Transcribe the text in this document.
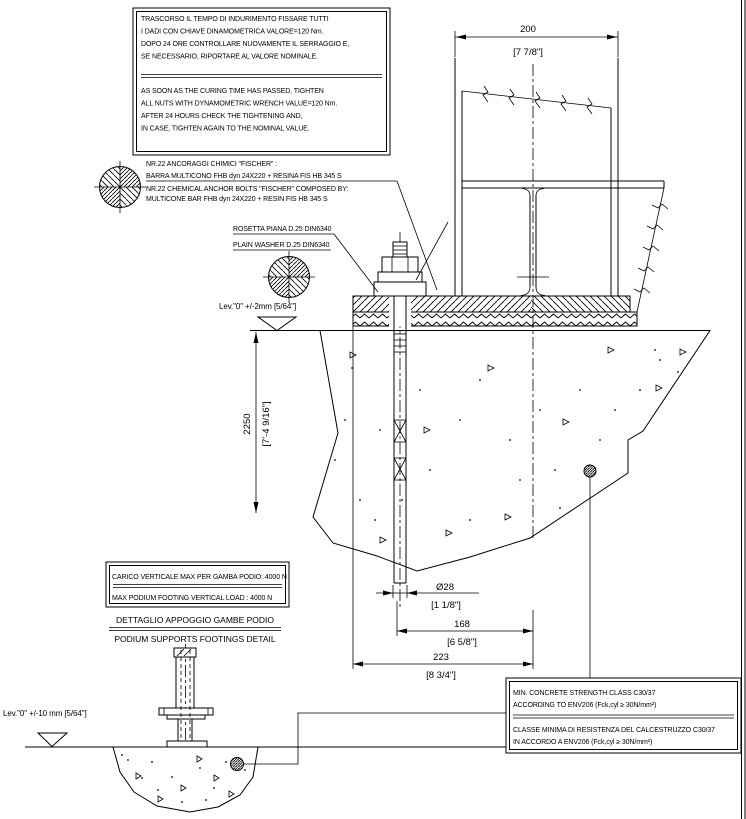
Lev."0" +/-2mm [5/64"]
200
[7 7/8"]
2250 [7'-4 9/16"]
Ø28
[1 1/8"]
168
[6 5/8"]
223
[8 3/4"]
TRASCORSO IL TEMPO DI INDURIMENTO FISSARE TUTTI
I DADI CON CHIAVE DINAMOMETRICA VALORE=120 Nm.
DOPO 24 ORE CONTROLLARE NUOVAMENTE IL SERRAGGIO E,
SE NECESSARIO, RIPORTARE AL VALORE NOMINALE.
AS SOON AS THE CURING TIME HAS PASSED, TIGHTEN
ALL NUTS WITH DYNAMOMETRIC WRENCH VALUE=120 Nm.
AFTER 24 HOURS CHECK THE TIGHTENING AND,
IN CASE, TIGHTEN AGAIN TO THE NOMINAL VALUE.
NR.22 ANCORAGGI CHIMICI "FISCHER" :
BARRA MULTICONO FHB dyn 24X220 + RESINA FIS HB 345 S
NR.22 CHEMICAL ANCHOR BOLTS "FISCHER" COMPOSED BY:
MULTICONE BAR FHB dyn 24X220 + RESIN FIS HB 345 S
ROSETTA PIANA D.25 DIN6340
PLAIN WASHER D.25 DIN6340
CARICO VERTICALE MAX PER GAMBA PODIO: 4000 N
MAX PODIUM FOOTING VERTICAL LOAD : 4000 N
DETTAGLIO APPOGGIO GAMBE PODIO
PODIUM SUPPORTS FOOTINGS DETAIL
Lev."0" +/-10 mm [5/64"]
MIN. CONCRETE STRENGTH CLASS C30/37
ACCORDING TO ENV206 (Fck,cyl ≥ 30N/mm²)
CLASSE MINIMA DI RESISTENZA DEL CALCESTRUZZO C30/37
IN ACCORDO A ENV206 (Fck,cyl ≥ 30N/mm²)
